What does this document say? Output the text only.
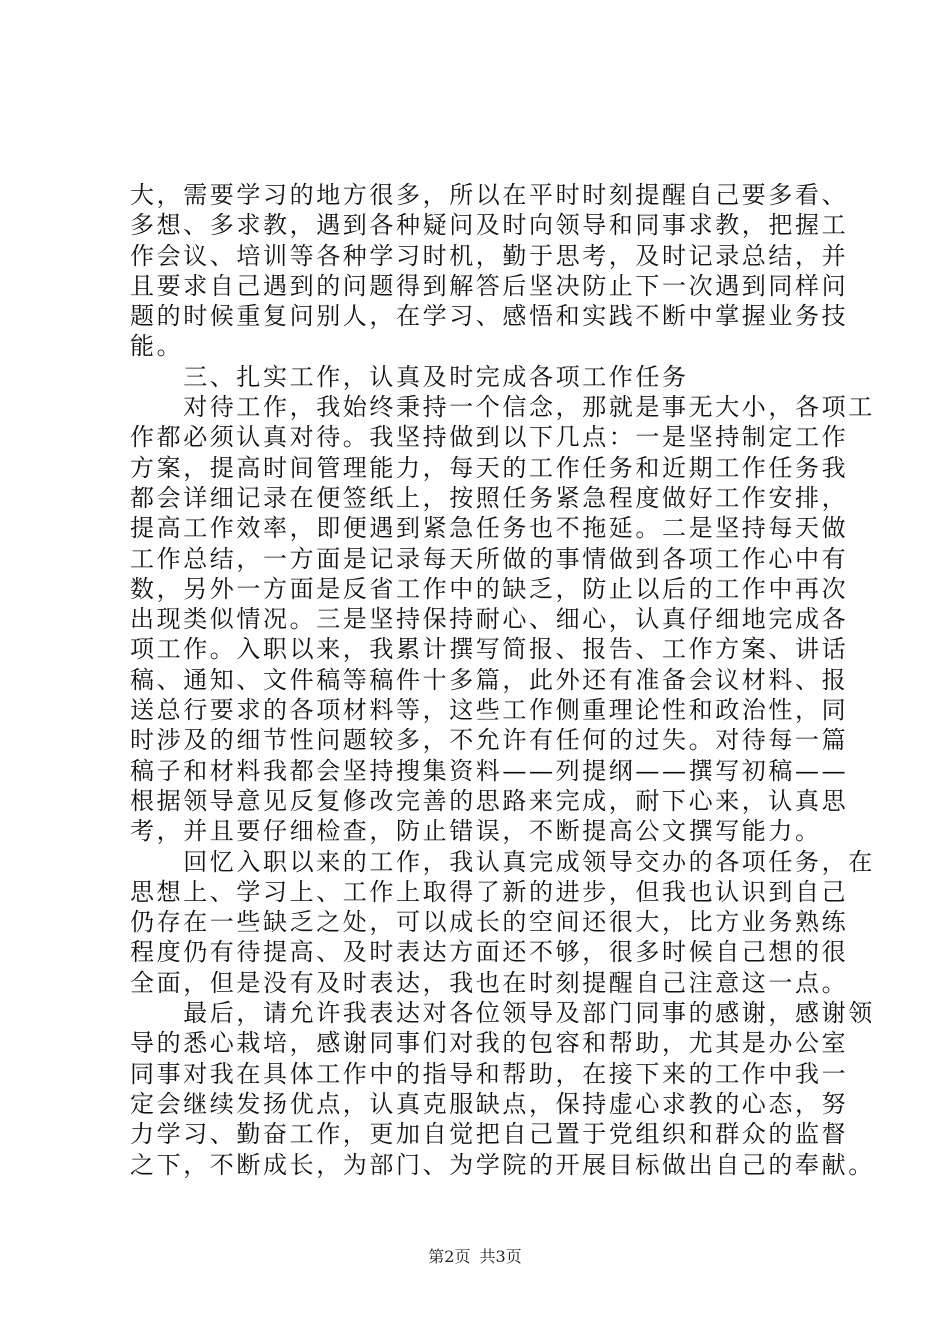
大，需要学习的地方很多，所以在平时时刻提醒自己要多看、
多想、多求教，遇到各种疑问及时向领导和同事求教，把握工
作会议、培训等各种学习时机，勤于思考，及时记录总结，并
且要求自己遇到的问题得到解答后坚决防止下一次遇到同样问
题的时候重复问别人，在学习、感悟和实践不断中掌握业务技
能。
　　三、扎实工作，认真及时完成各项工作任务
　　对待工作，我始终秉持一个信念，那就是事无大小，各项工
作都必须认真对待。我坚持做到以下几点：一是坚持制定工作
方案，提高时间管理能力，每天的工作任务和近期工作任务我
都会详细记录在便签纸上，按照任务紧急程度做好工作安排，
提高工作效率，即便遇到紧急任务也不拖延。二是坚持每天做
工作总结，一方面是记录每天所做的事情做到各项工作心中有
数，另外一方面是反省工作中的缺乏，防止以后的工作中再次
出现类似情况。三是坚持保持耐心、细心，认真仔细地完成各
项工作。入职以来，我累计撰写简报、报告、工作方案、讲话
稿、通知、文件稿等稿件十多篇，此外还有准备会议材料、报
送总行要求的各项材料等，这些工作侧重理论性和政治性，同
时涉及的细节性问题较多，不允许有任何的过失。对待每一篇
稿子和材料我都会坚持搜集资料——列提纲——撰写初稿——
根据领导意见反复修改完善的思路来完成，耐下心来，认真思
考，并且要仔细检查，防止错误，不断提高公文撰写能力。
　　回忆入职以来的工作，我认真完成领导交办的各项任务，在
思想上、学习上、工作上取得了新的进步，但我也认识到自己
仍存在一些缺乏之处，可以成长的空间还很大，比方业务熟练
程度仍有待提高、及时表达方面还不够，很多时候自己想的很
全面，但是没有及时表达，我也在时刻提醒自己注意这一点。
　　最后，请允许我表达对各位领导及部门同事的感谢，感谢领
导的悉心栽培，感谢同事们对我的包容和帮助，尤其是办公室
同事对我在具体工作中的指导和帮助，在接下来的工作中我一
定会继续发扬优点，认真克服缺点，保持虚心求教的心态，努
力学习、勤奋工作，更加自觉把自己置于党组织和群众的监督
之下，不断成长，为部门、为学院的开展目标做出自己的奉献。
第2页 共3页
